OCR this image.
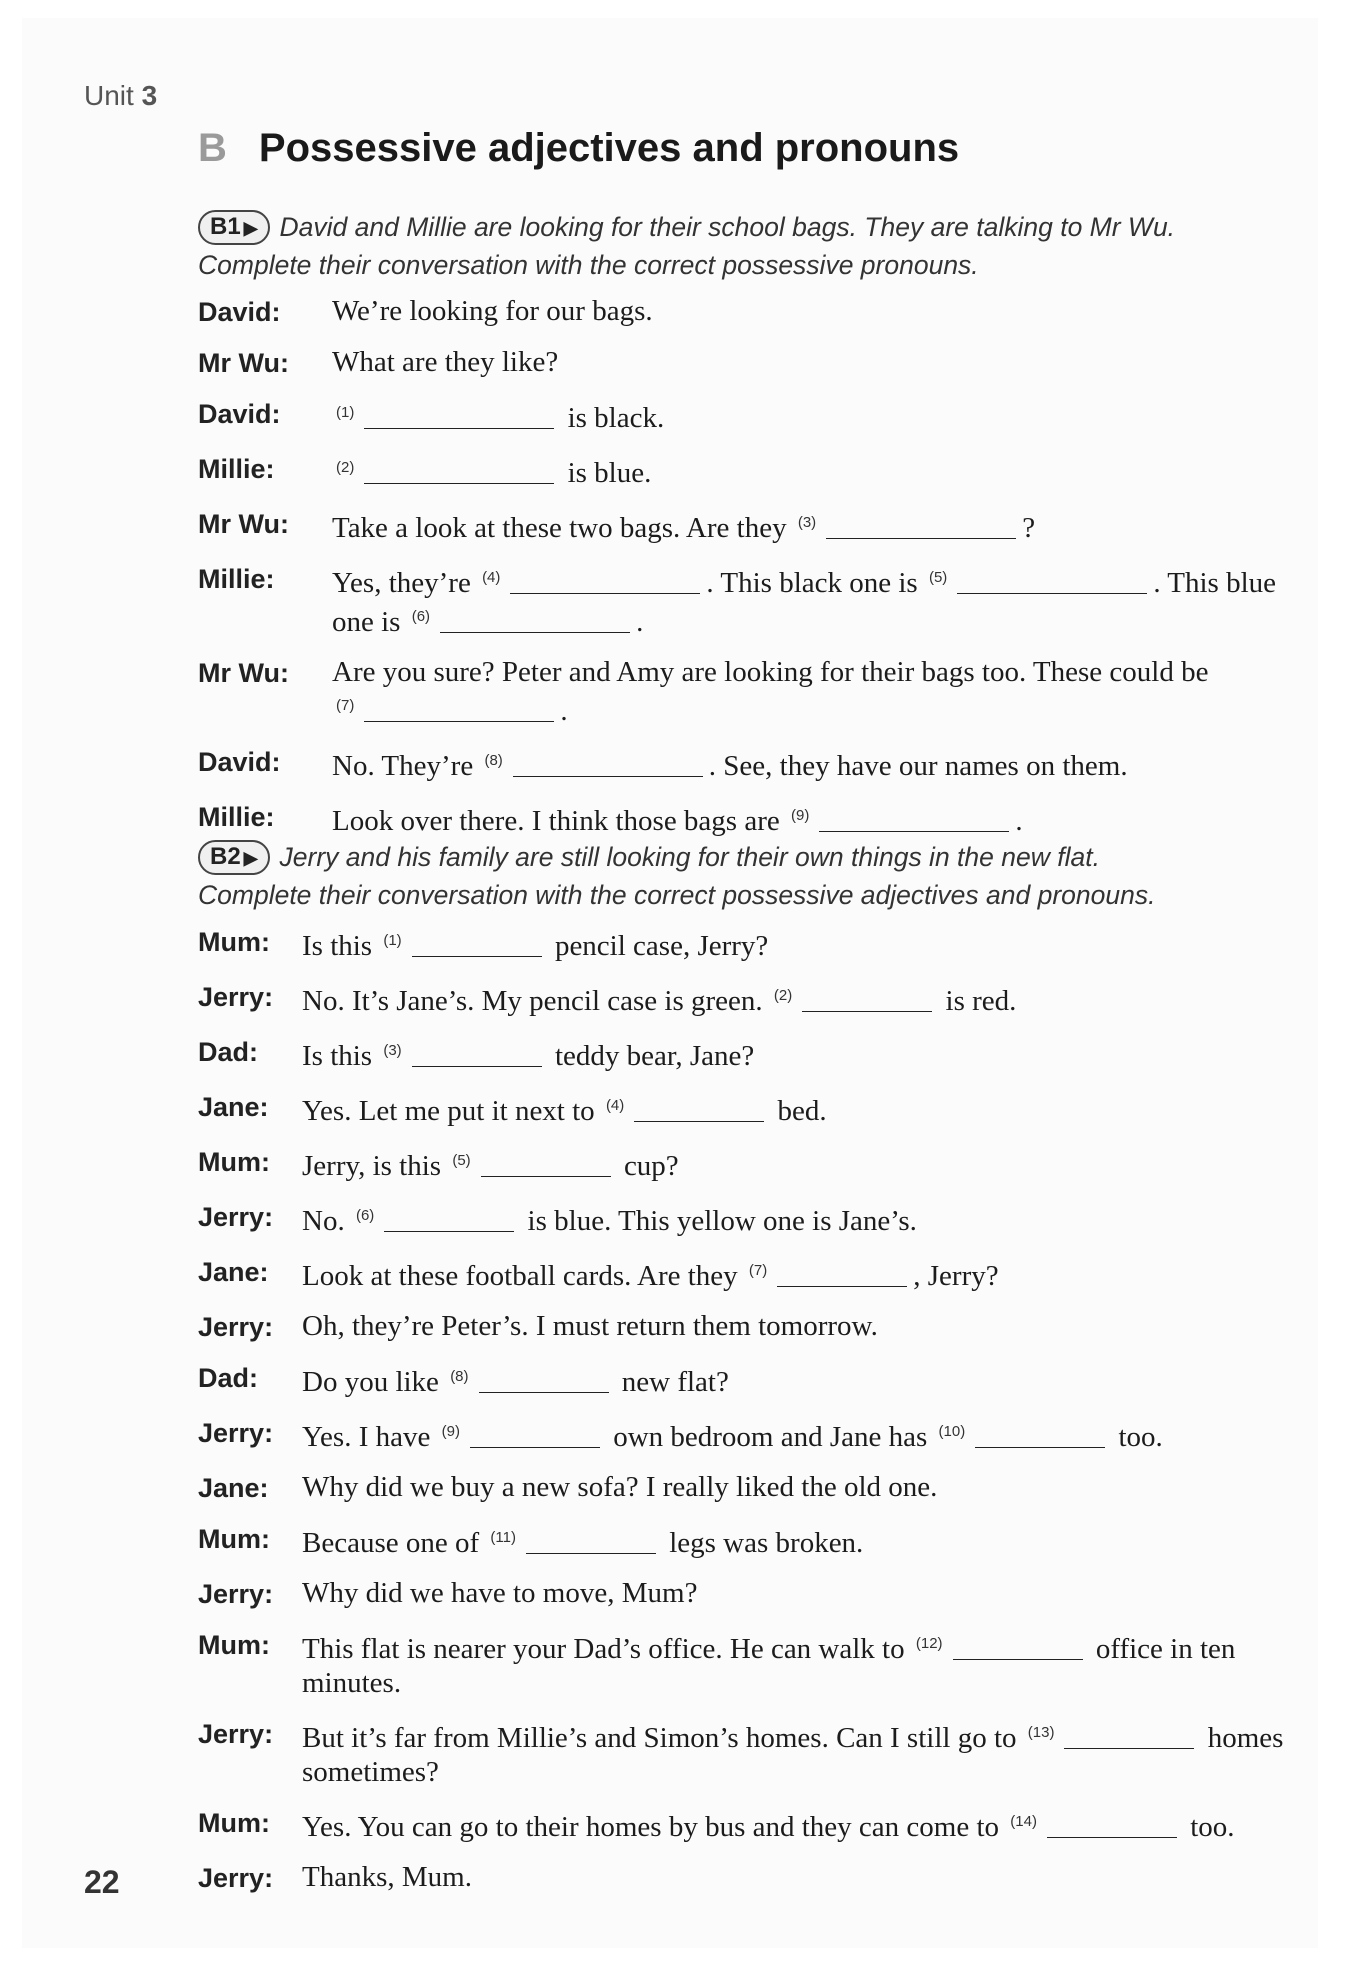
Unit 3
B Possessive adjectives and pronouns
B1 ▶ David and Millie are looking for their school bags. They are talking to Mr Wu.
Complete their conversation with the correct possessive pronouns.
David:	We’re looking for our bags.
Mr Wu:	What are they like?
David:	$^{(1)}$	is black.
Millie:	$^{(2)}$	is blue.
Mr Wu:	Take a look at these two bags. Are they $^{(3)}$	?
Millie:	Yes, they’re $^{(4)}$	. This black one is $^{(5)}$	. This blue one is $^{(6)}$	.
Mr Wu:	Are you sure? Peter and Amy are looking for their bags too. These could be $^{(7)}$	.
David:	No. They’re $^{(8)}$	. See, they have our names on them.
Millie:	Look over there. I think those bags are $^{(9)}$	.
B2 ▶ Jerry and his family are still looking for their own things in the new flat.
Complete their conversation with the correct possessive adjectives and pronouns.
Mum:	Is this $^{(1)}$	pencil case, Jerry?
Jerry: No. It’s Jane’s. My pencil case is green. $^{(2)}$	is red.
Dad:	Is this $^{(3)}$	teddy bear, Jane?
Jane:	Yes. Let me put it next to $^{(4)}$	bed.
Mum:	Jerry, is this $^{(5)}$	cup?
Jerry: No. $^{(6)}$	is blue. This yellow one is Jane’s.
Jane:	Look at these football cards. Are they $^{(7)}$	, Jerry?
Jerry: Oh, they’re Peter’s. I must return them tomorrow.
Dad:	Do you like $^{(8)}$	new flat?
Jerry: Yes. I have $^{(9)}$	own bedroom and Jane has $^{(10)}$	too.
Jane:	Why did we buy a new sofa? I really liked the old one.
Mum:	Because one of $^{(11)}$	legs was broken.
Jerry: Why did we have to move, Mum?
Mum:	This flat is nearer your Dad’s office. He can walk to $^{(12)}$	office in ten minutes.
Jerry: But it’s far from Millie’s and Simon’s homes. Can I still go to $^{(13)}$	homes sometimes?
Mum:	Yes. You can go to their homes by bus and they can come to $^{(14)}$	too.
Jerry: Thanks, Mum.
22
